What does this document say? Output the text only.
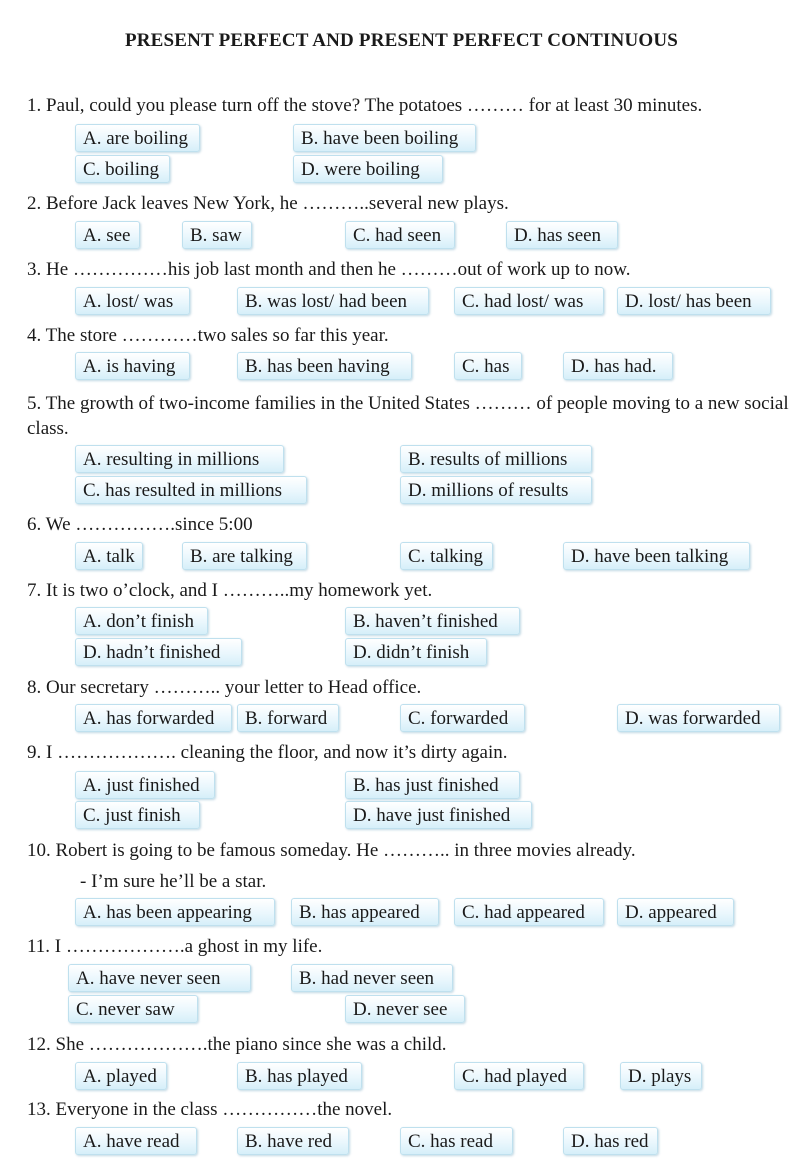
PRESENT PERFECT AND PRESENT PERFECT CONTINUOUS
1. Paul, could you please turn off the stove? The potatoes ……… for at least 30 minutes.
A. are boiling	B. have been boiling
C. boiling	D. were boiling
2. Before Jack leaves New York, he ………..several new plays.
A. see	B. saw	C. had seen	D. has seen
3. He ……………his job last month and then he ………out of work up to now.
A. lost/ was	B. was lost/ had been	C. had lost/ was	D. lost/ has been
4. The store …………two sales so far this year.
A. is having	B. has been having	C. has	D. has had.
5. The growth of two-income families in the United States ……… of people moving to a new social class.
A. resulting in millions	B. results of millions
C. has resulted in millions	D. millions of results
6. We …………….since 5:00
A. talk	B. are talking	C. talking	D. have been talking
7. It is two o’clock, and I ………..my homework yet.
A. don’t finish	B. haven’t finished
D. hadn’t finished	D. didn’t finish
8. Our secretary ……….. your letter to Head office.
A. has forwarded	B. forward	C. forwarded	D. was forwarded
9. I ………………. cleaning the floor, and now it’s dirty again.
A. just finished	B. has just finished
C. just finish	D. have just finished
10. Robert is going to be famous someday. He ……….. in three movies already.
- I’m sure he’ll be a star.
A. has been appearing	B. has appeared	C. had appeared	D. appeared
11. I ……………….a ghost in my life.
A. have never seen	B. had never seen
C. never saw	D. never see
12. She ……………….the piano since she was a child.
A. played	B. has played	C. had played	D. plays
13. Everyone in the class ……………the novel.
A. have read	B. have red	C. has read	D. has red
